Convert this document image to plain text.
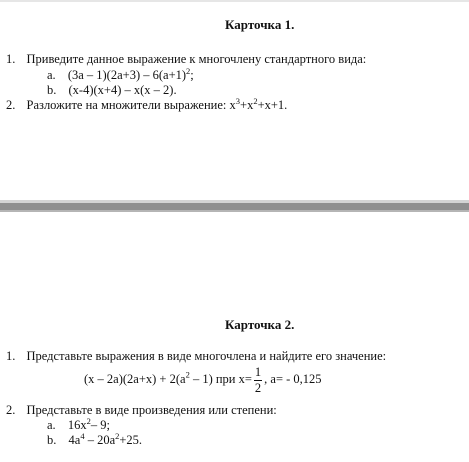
Карточка 1.
1. Приведите данное выражение к многочлену стандартного вида:
a. $(3a - 1)(2a+3) - 6(a+1)^2$;
b. (x-4)(x+4) – x(x – 2).
2. Разложите на множители выражение: $x^3+x^2+x+1$.
Карточка 2.
1. Представьте выражения в виде многочлена и найдите его значение:
$(x - 2a)(2a+x) + 2(a^2 - 1)$ при $x= \frac{1}{2}$ , a= - 0,125
2. Представьте в виде произведения или степени:
a. $16x^2-$ 9;
b. $4a^4 - 20a^2+25$.
